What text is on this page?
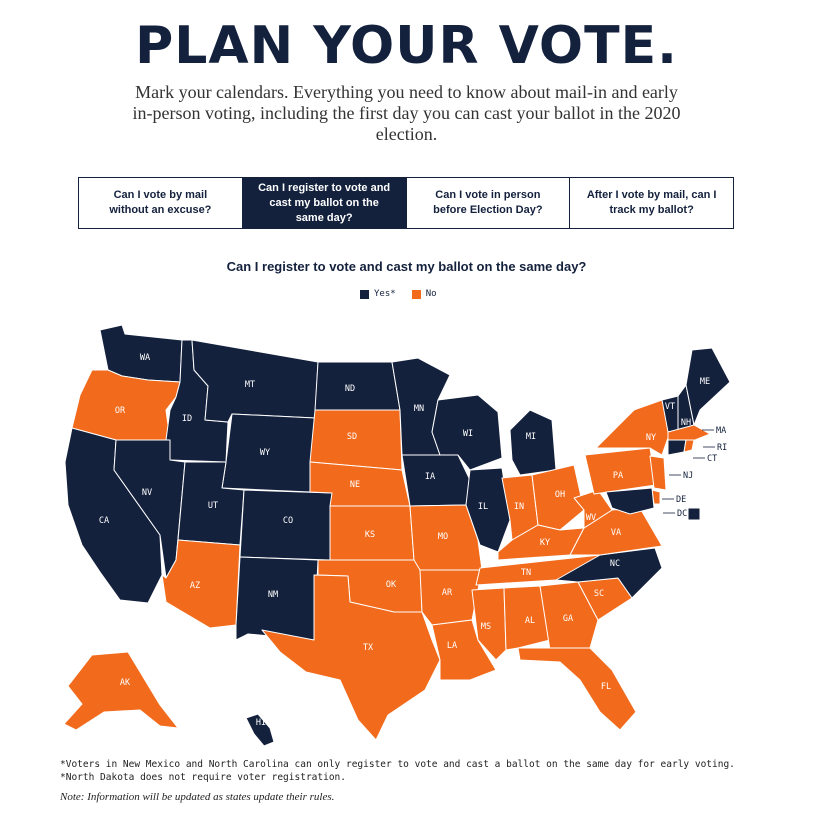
PLAN YOUR VOTE.
Mark your calendars. Everything you need to know about mail-in and early in-person voting, including the first day you can cast your ballot in the 2020 election.
Can I vote by mail without an excuse?
Can I register to vote and cast my ballot on the same day?
Can I vote in person before Election Day?
After I vote by mail, can I track my ballot?
Can I register to vote and cast my ballot on the same day?
Yes*	No
WA
OR
CA
ID
NV
MT
WY
UT
AZ
CO
NM
ND
SD
NE
KS
OK
TX
MN
IA
MO
AR
LA
WI
IL
MI
IN
OH
KY
TN
MS
AL	GA
FL
SC
NC
VA
WV
PA
NY
VT
NH
ME
AK
HI
MA
RI
CT
NJ
DE
MD
DC
*Voters in New Mexico and North Carolina can only register to vote and cast a ballot on the same day for early voting.
*North Dakota does not require voter registration.
Note: Information will be updated as states update their rules.
